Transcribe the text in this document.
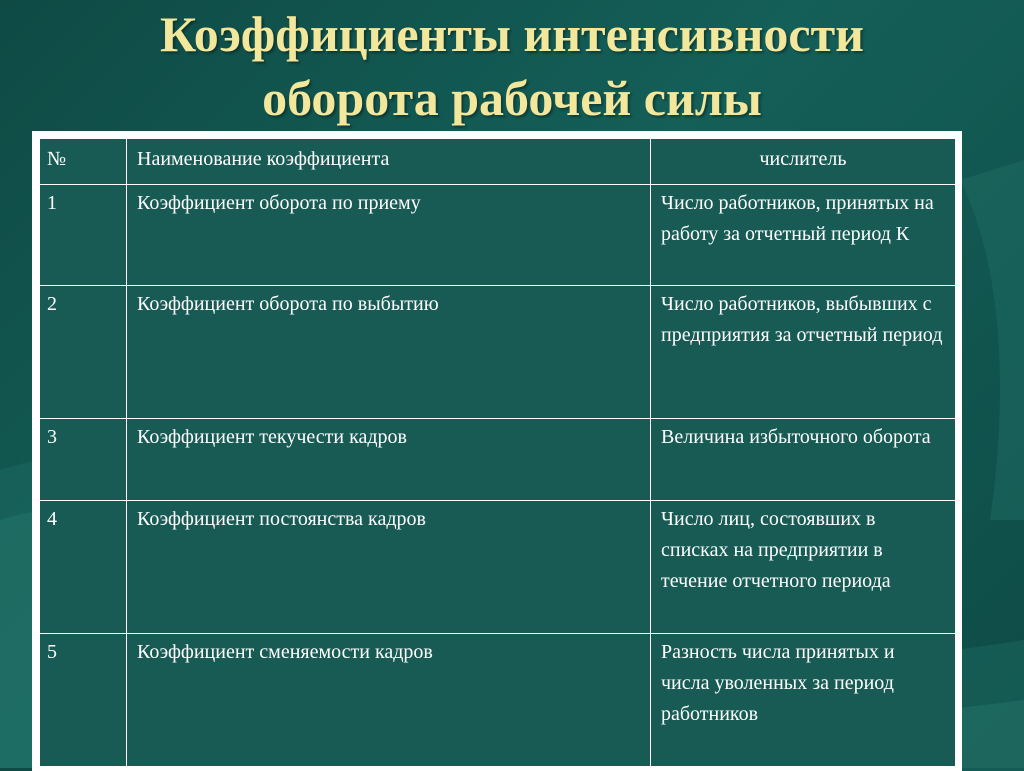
Коэффициенты интенсивности
оборота рабочей силы
№	Наименование коэффициента	числитель
1	Коэффициент оборота по приему	Число работников, принятых на работу за отчетный период К
2	Коэффициент оборота по выбытию	Число работников, выбывших с предприятия за отчетный период
3	Коэффициент текучести кадров	Величина избыточного оборота
4	Коэффициент постоянства кадров	Число лиц, состоявших в списках на предприятии в течение отчетного периода
5	Коэффициент сменяемости кадров	Разность числа принятых и числа уволенных за период работников
